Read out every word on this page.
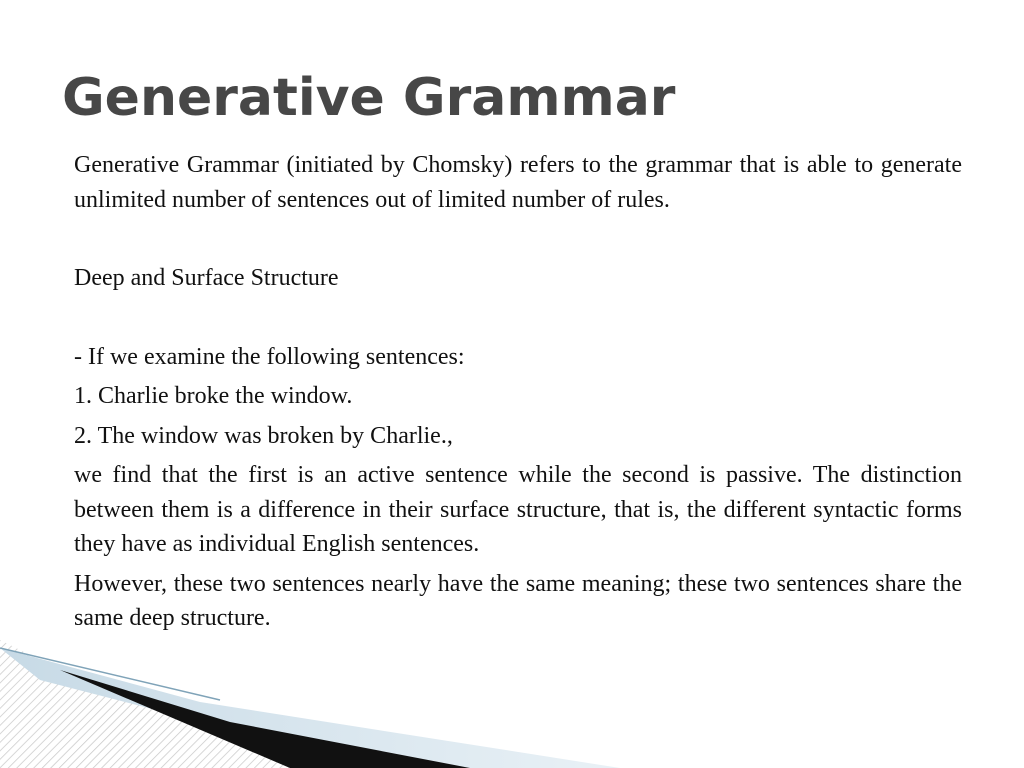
Generative Grammar

Generative Grammar (initiated by Chomsky) refers to the grammar that is able to generate unlimited number of sentences out of limited number of rules.

Deep and Surface Structure

- If we examine the following sentences:

1. Charlie broke the window.

2. The window was broken by Charlie.,

we find that the first is an active sentence while the second is passive. The distinction between them is a difference in their surface structure, that is, the different syntactic forms they have as individual English sentences.

However, these two sentences nearly have the same meaning; these two sentences share the same deep structure.
